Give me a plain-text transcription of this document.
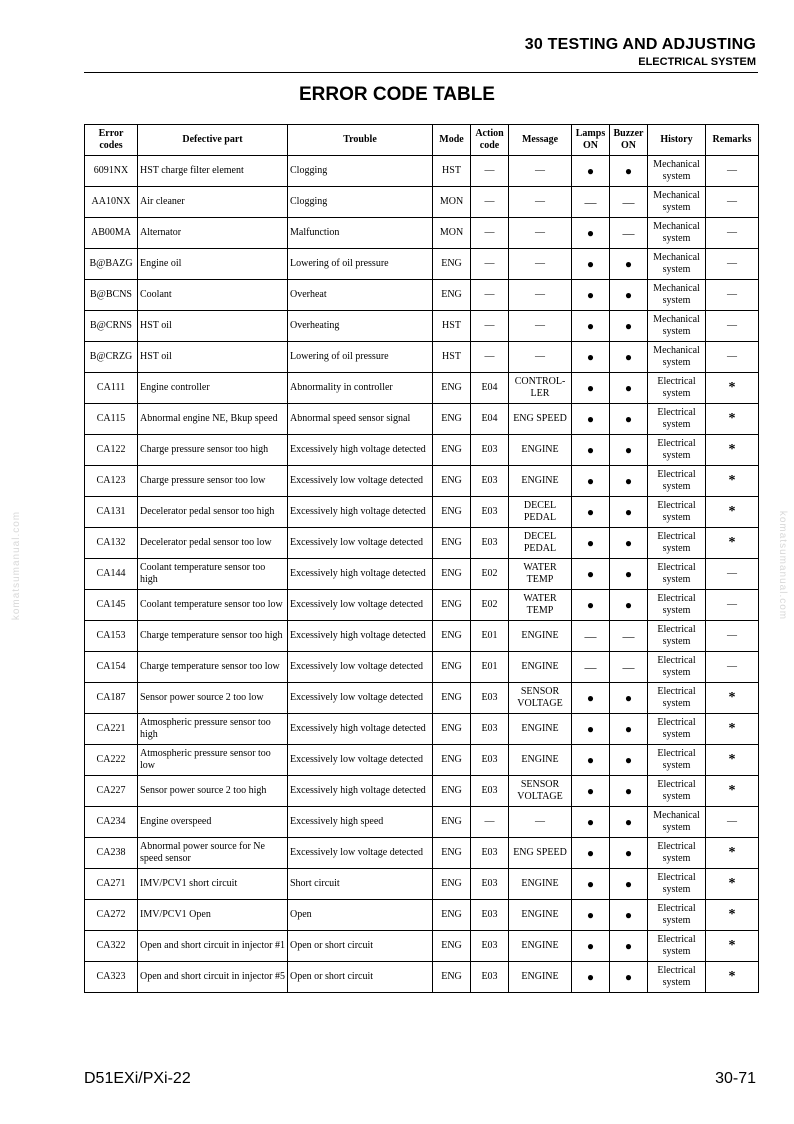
30 TESTING AND ADJUSTING
ELECTRICAL SYSTEM
ERROR CODE TABLE
komatsumanual.com	komatsumanual.com
Error codes	Defective part	Trouble	Mode	Action code	Message	Lamps ON	Buzzer ON	History	Remarks
6091NX	HST charge filter element	Clogging	HST	—	—	●	●	Mechanical system	—
AA10NX	Air cleaner	Clogging	MON	—	—	—	—	Mechanical system	—
AB00MA	Alternator	Malfunction	MON	—	—	●	—	Mechanical system	—
B@BAZG	Engine oil	Lowering of oil pressure	ENG	—	—	●	●	Mechanical system	—
B@BCNS	Coolant	Overheat	ENG	—	—	●	●	Mechanical system	—
B@CRNS	HST oil	Overheating	HST	—	—	●	●	Mechanical system	—
B@CRZG	HST oil	Lowering of oil pressure	HST	—	—	●	●	Mechanical system	—
CA111	Engine controller	Abnormality in controller	ENG	E04	CONTROL-LER	●	●	Electrical system	*
CA115	Abnormal engine NE, Bkup speed	Abnormal speed sensor signal	ENG	E04	ENG SPEED	●	●	Electrical system	*
CA122	Charge pressure sensor too high	Excessively high voltage detected	ENG	E03	ENGINE	●	●	Electrical system	*
CA123	Charge pressure sensor too low	Excessively low voltage detected	ENG	E03	ENGINE	●	●	Electrical system	*
CA131	Decelerator pedal sensor too high	Excessively high voltage detected	ENG	E03	DECEL PEDAL	●	●	Electrical system	*
CA132	Decelerator pedal sensor too low	Excessively low voltage detected	ENG	E03	DECEL PEDAL	●	●	Electrical system	*
CA144	Coolant temperature sensor too high	Excessively high voltage detected	ENG	E02	WATER TEMP	●	●	Electrical system	—
CA145	Coolant temperature sensor too low	Excessively low voltage detected	ENG	E02	WATER TEMP	●	●	Electrical system	—
CA153	Charge temperature sensor too high	Excessively high voltage detected	ENG	E01	ENGINE	—	—	Electrical system	—
CA154	Charge temperature sensor too low	Excessively low voltage detected	ENG	E01	ENGINE	—	—	Electrical system	—
CA187	Sensor power source 2 too low	Excessively low voltage detected	ENG	E03	SENSOR VOLTAGE	●	●	Electrical system	*
CA221	Atmospheric pressure sensor too high	Excessively high voltage detected	ENG	E03	ENGINE	●	●	Electrical system	*
CA222	Atmospheric pressure sensor too low	Excessively low voltage detected	ENG	E03	ENGINE	●	●	Electrical system	*
CA227	Sensor power source 2 too high	Excessively high voltage detected	ENG	E03	SENSOR VOLTAGE	●	●	Electrical system	*
CA234	Engine overspeed	Excessively high speed	ENG	—	—	●	●	Mechanical system	—
CA238	Abnormal power source for Ne speed sensor	Excessively low voltage detected	ENG	E03	ENG SPEED	●	●	Electrical system	*
CA271	IMV/PCV1 short circuit	Short circuit	ENG	E03	ENGINE	●	●	Electrical system	*
CA272	IMV/PCV1 Open	Open	ENG	E03	ENGINE	●	●	Electrical system	*
CA322	Open and short circuit in injector #1	Open or short circuit	ENG	E03	ENGINE	●	●	Electrical system	*
CA323	Open and short circuit in injector #5	Open or short circuit	ENG	E03	ENGINE	●	●	Electrical system	*
D51EXi/PXi-22	30-71
